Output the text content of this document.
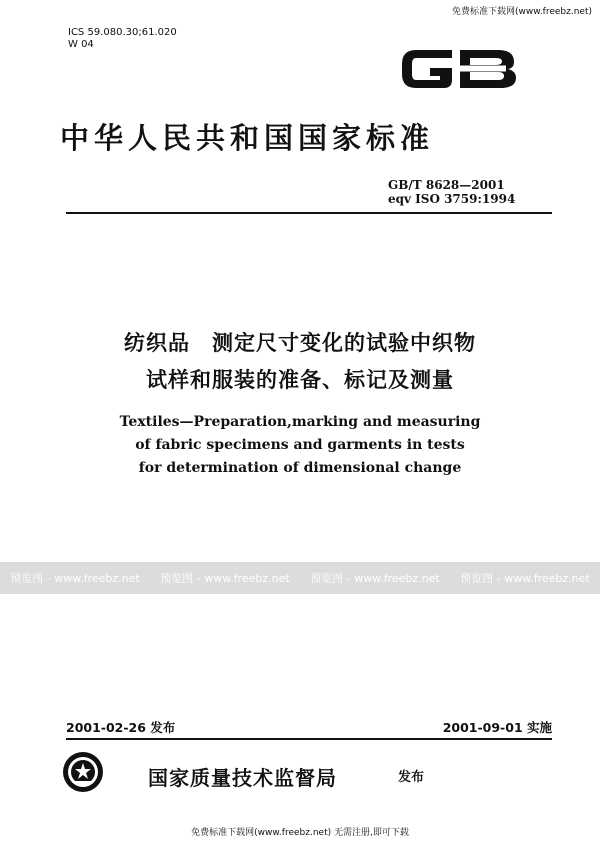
免费标准下载网(www.freebz.net)
ICS 59.080.30;61.020
W 04
中华人民共和国国家标准
GB/T 8628—2001
eqv ISO 3759:1994
纺织品　测定尺寸变化的试验中织物
试样和服装的准备、标记及测量
Textiles—Preparation,marking and measuring
of fabric specimens and garments in tests
for determination of dimensional change
预览图 - www.freebz.net 预览图 - www.freebz.net 预览图 - www.freebz.net 预览图 - www.freebz.net
2001-02-26 发布	2001-09-01 实施
国家质量技术监督局	发布
免费标准下载网(www.freebz.net) 无需注册,即可下载
